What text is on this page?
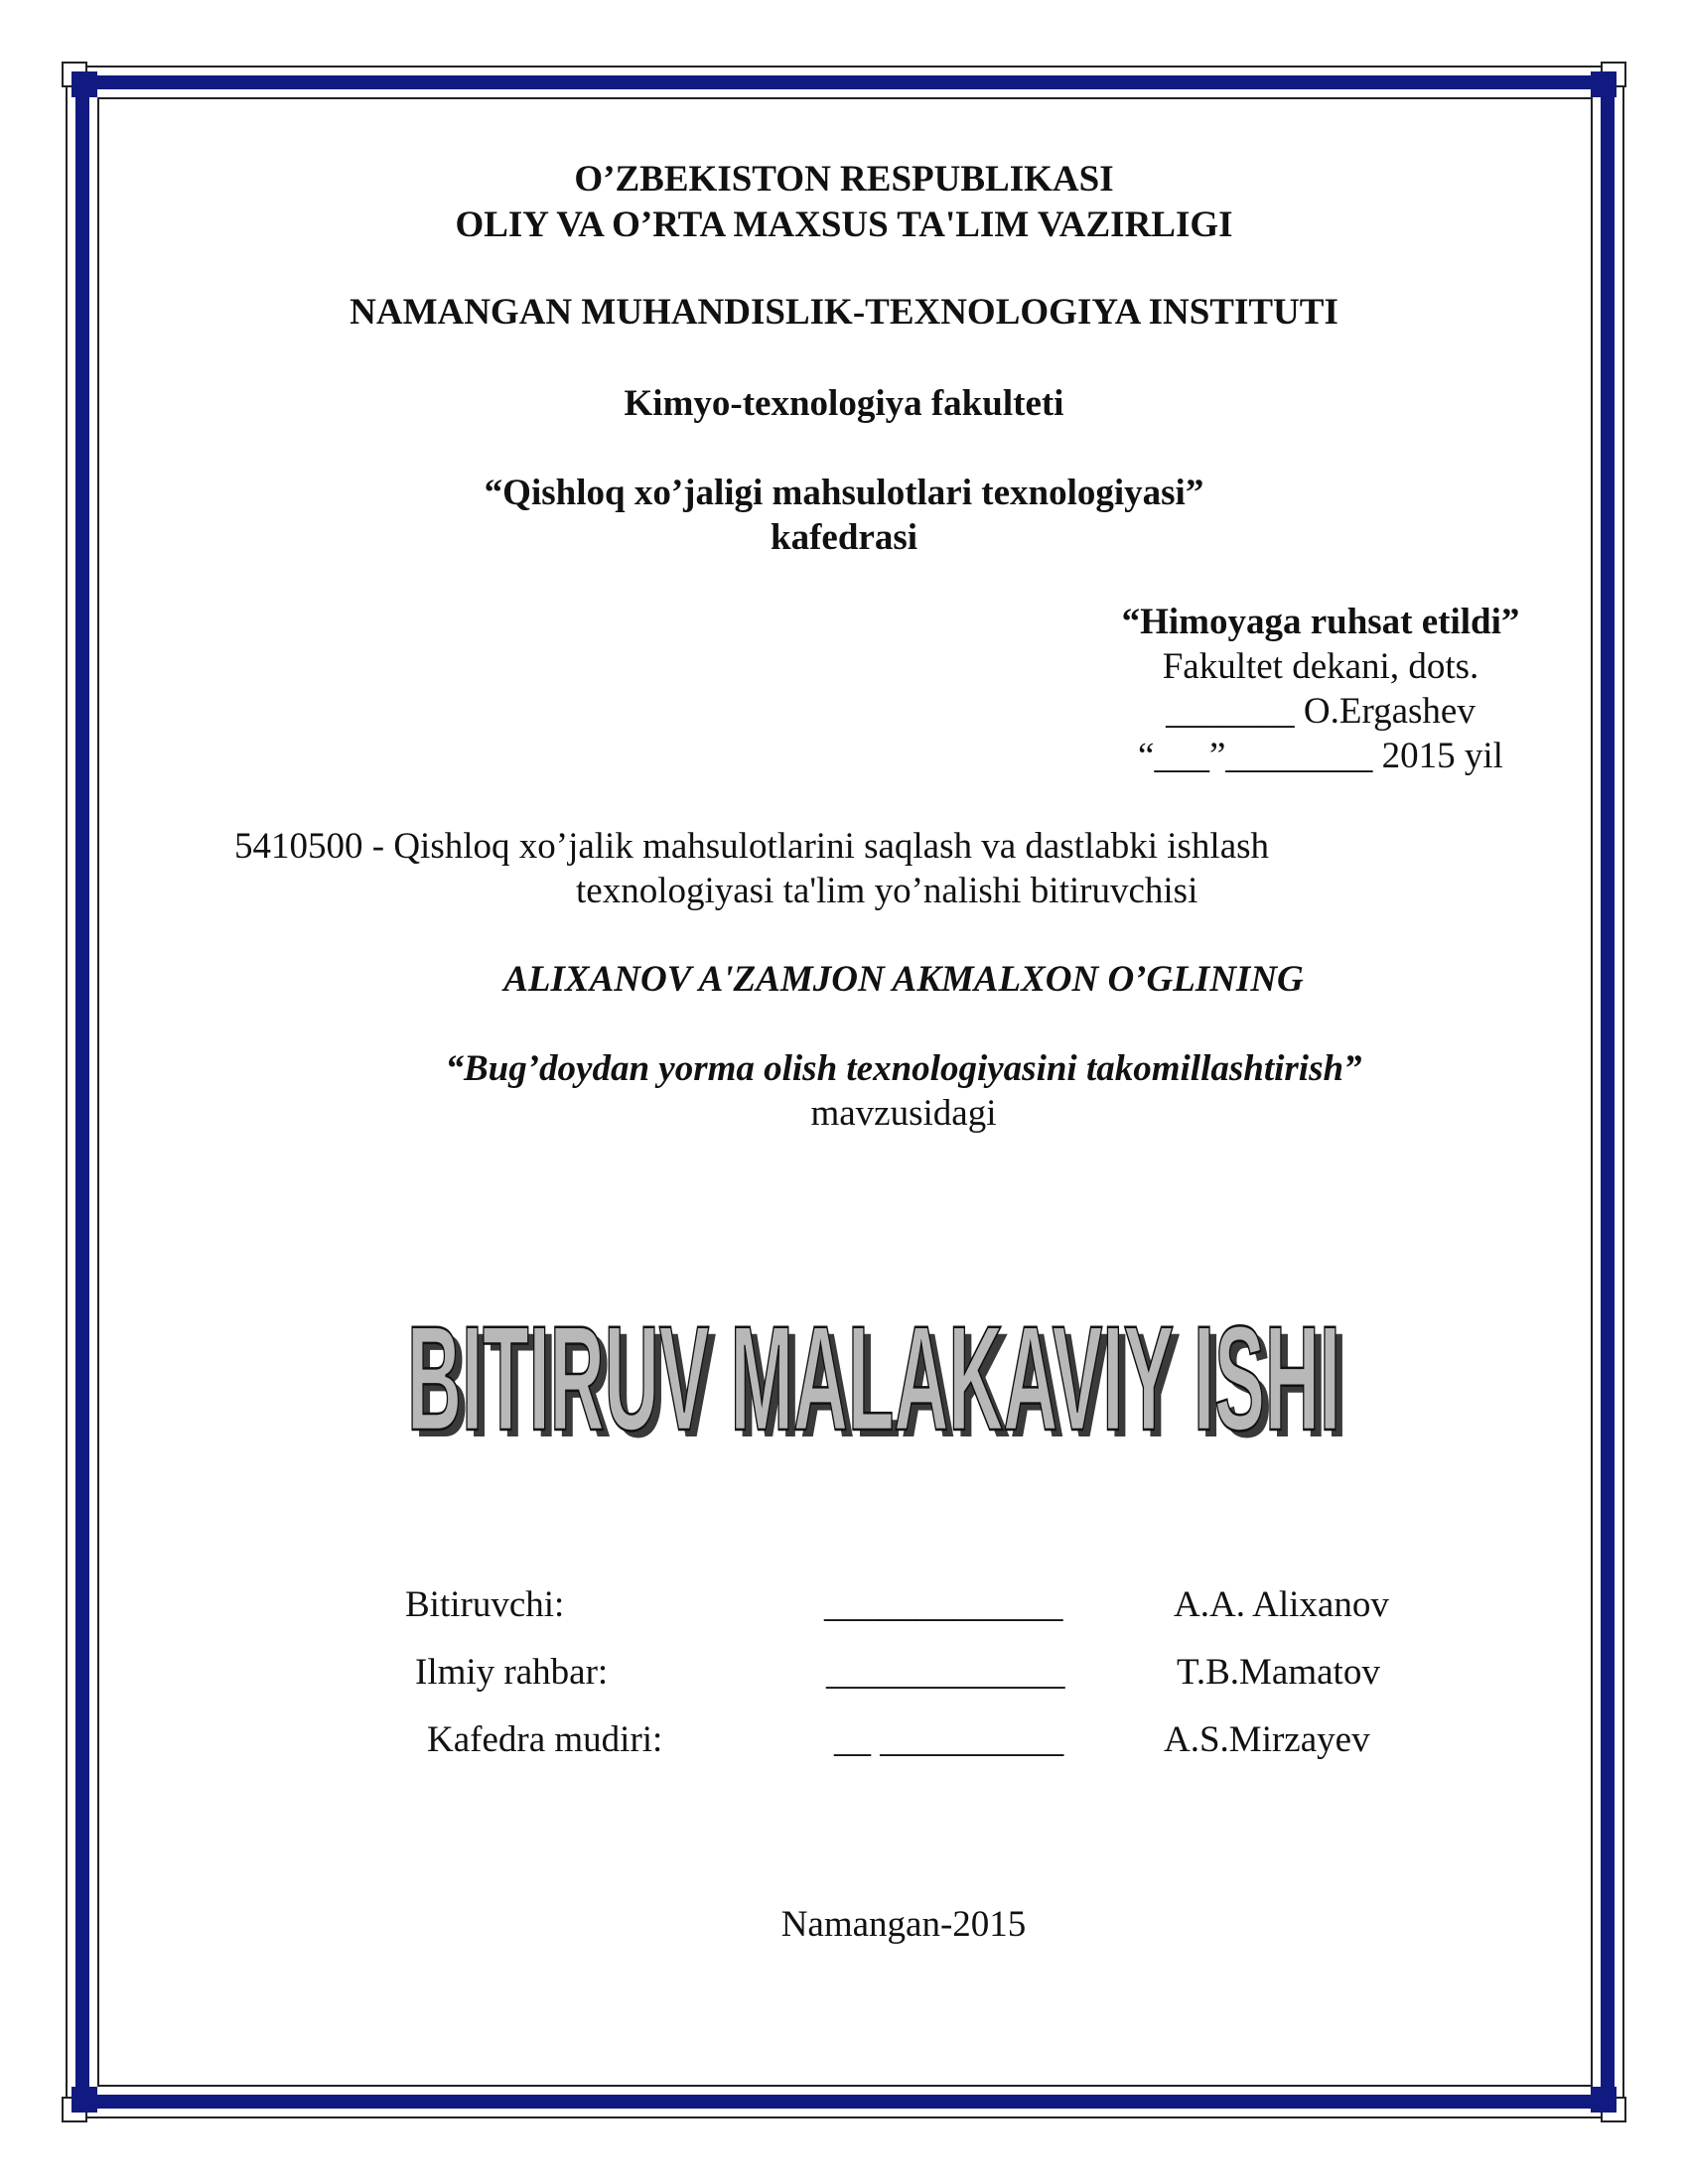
O’ZBEKISTON RESPUBLIKASI
OLIY VA O’RTA MAXSUS TA'LIM VAZIRLIGI
NAMANGAN MUHANDISLIK-TEXNOLOGIYA INSTITUTI
Kimyo-texnologiya fakulteti
“Qishloq xo’jaligi mahsulotlari texnologiyasi”
kafedrasi
“Himoyaga ruhsat etildi”
Fakultet dekani, dots.
_______ O.Ergashev
“___”________ 2015 yil
5410500 - Qishloq xo’jalik mahsulotlarini saqlash va dastlabki ishlash
texnologiyasi ta'lim yo’nalishi bitiruvchisi
ALIXANOV A'ZAMJON AKMALXON O’GLINING
“Bug’doydan yorma olish texnologiyasini takomillashtirish”
mavzusidagi
BITIRUV MALAKAVIY ISHI
BITIRUV MALAKAVIY ISHI
Bitiruvchi:	_____________	A.A. Alixanov
Ilmiy rahbar:	_____________	T.B.Mamatov
Kafedra mudiri:	__ __________	A.S.Mirzayev
Namangan-2015
